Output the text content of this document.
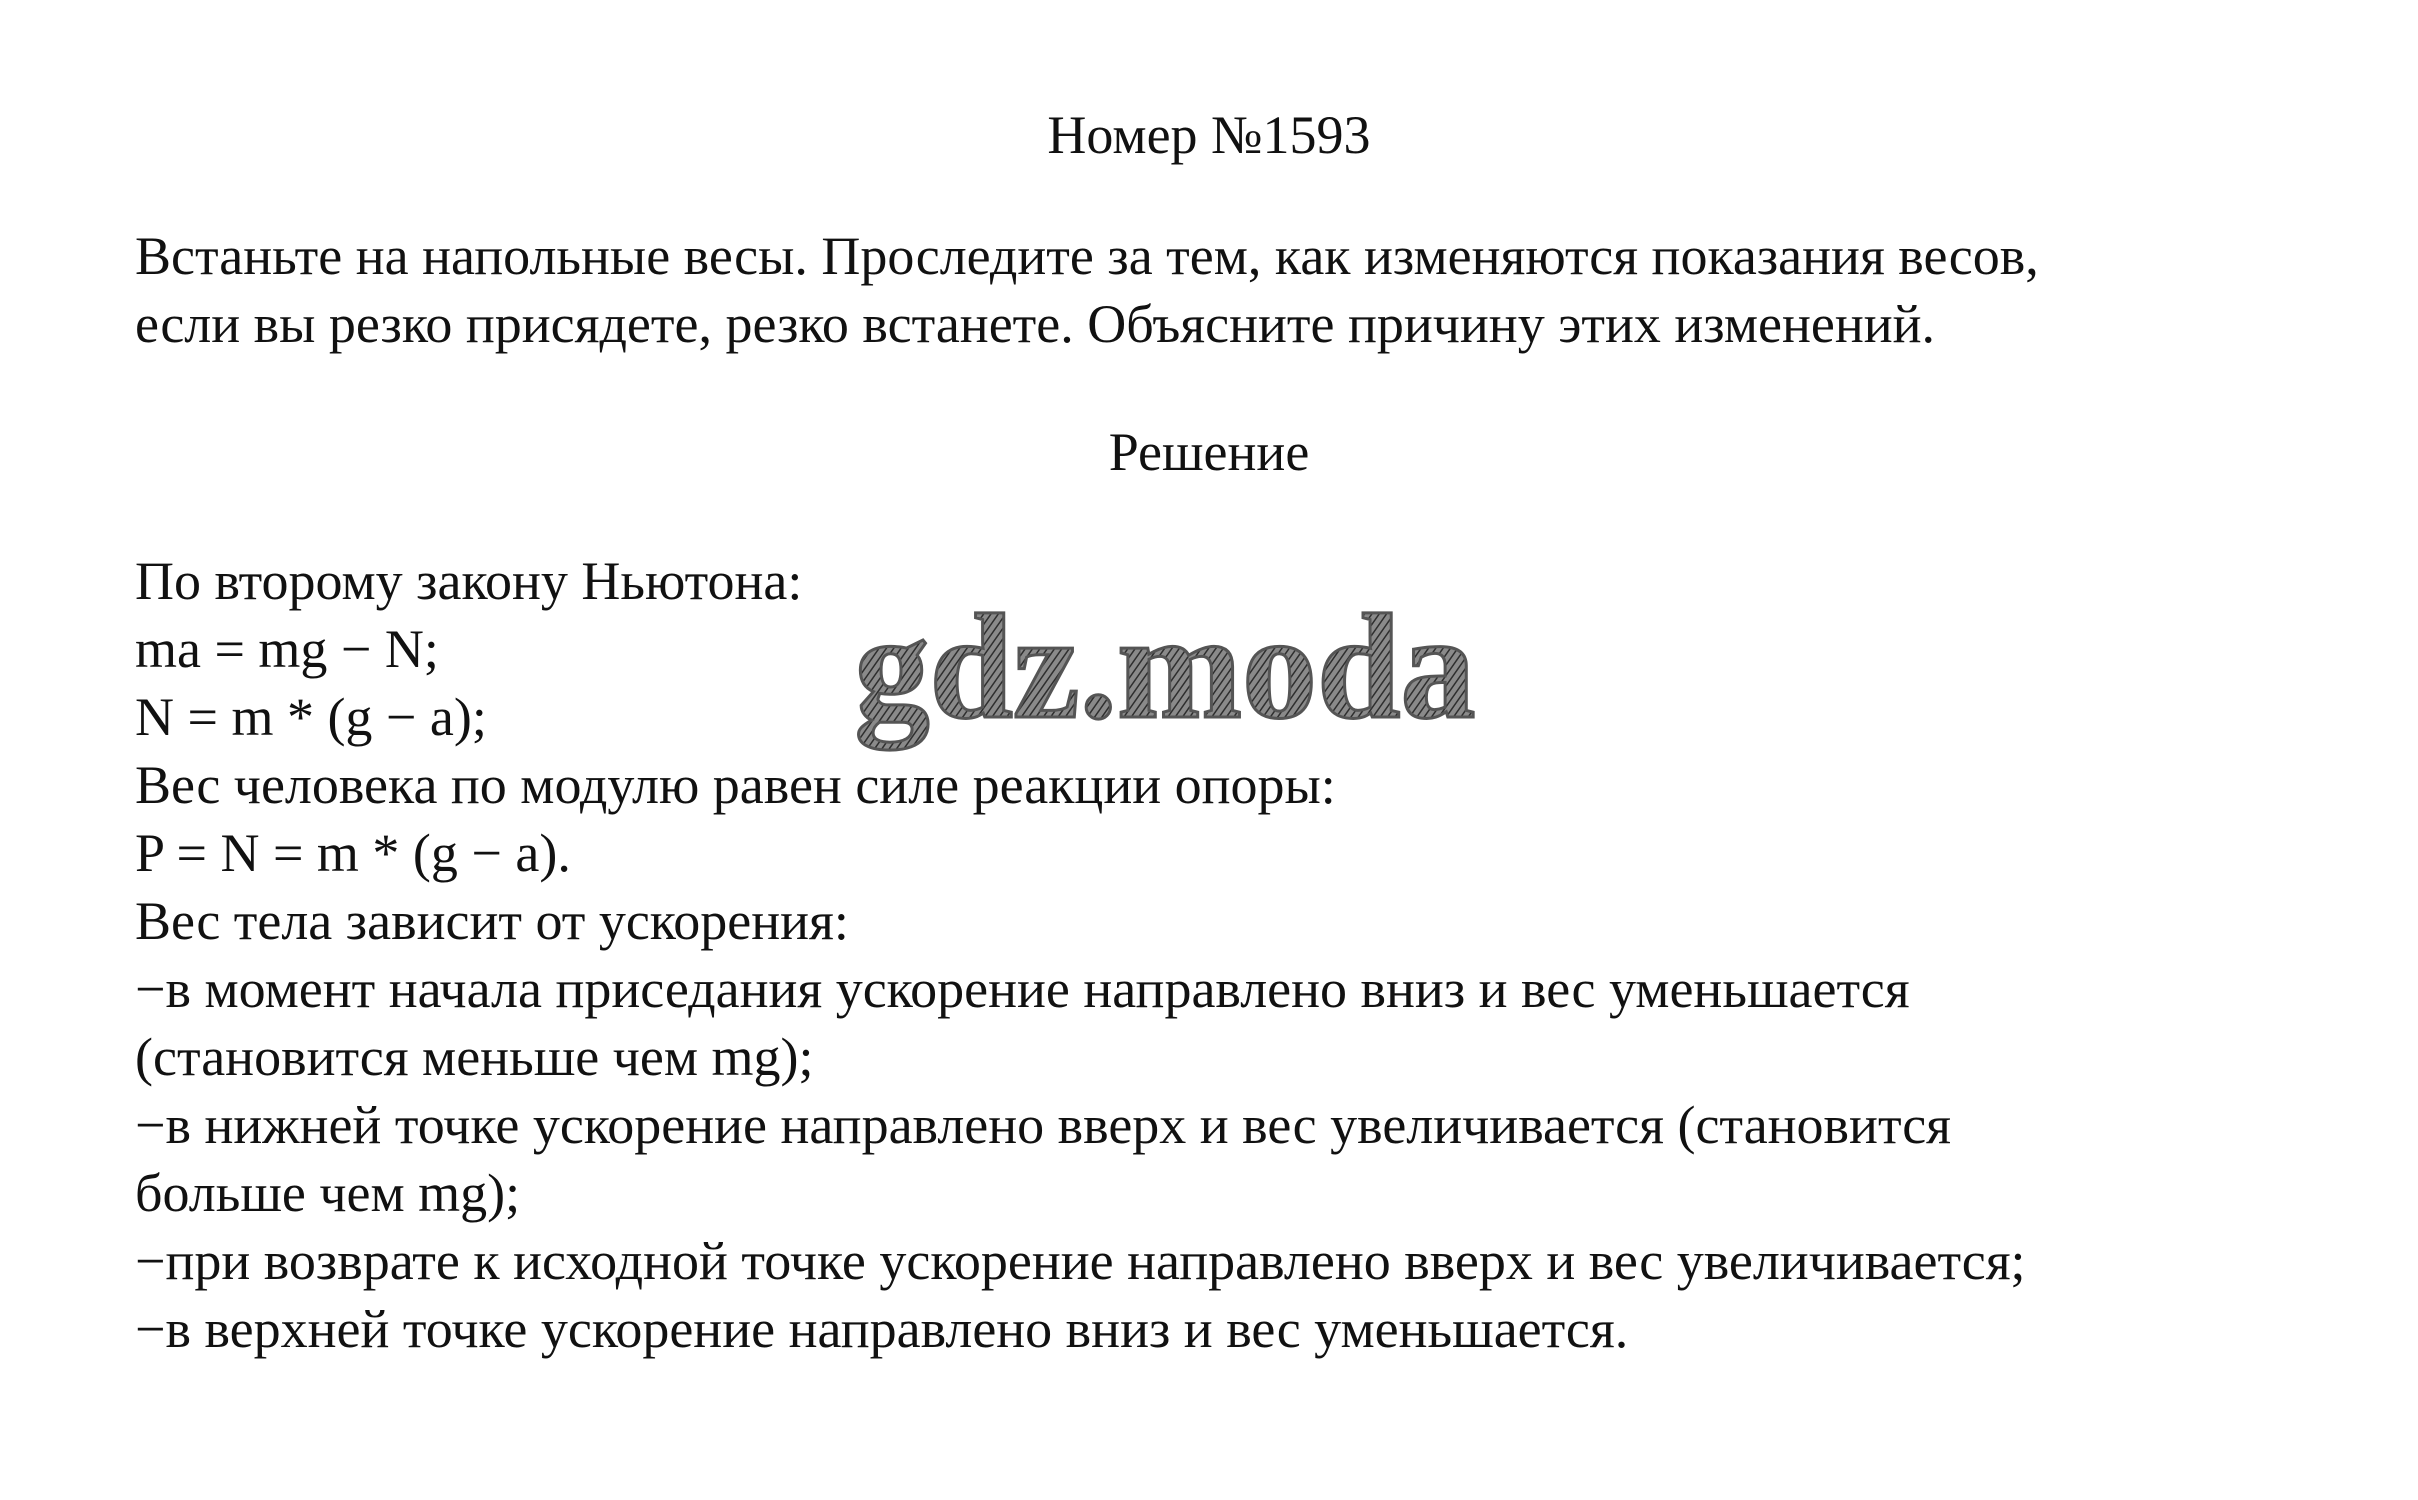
Номер №1593
Встаньте на напольные весы. Проследите за тем, как изменяются показания весов,
если вы резко присядете, резко встанете. Объясните причину этих изменений.
Решение
По второму закону Ньютона:
ma = mg − N;
N = m * (g − a);
Вес человека по модулю равен силе реакции опоры:
P = N = m * (g − a).
Вес тела зависит от ускорения:
−в момент начала приседания ускорение направлено вниз и вес уменьшается
(становится меньше чем mg);
−в нижней точке ускорение направлено вверх и вес увеличивается (становится
больше чем mg);
−при возврате к исходной точке ускорение направлено вверх и вес увеличивается;
−в верхней точке ускорение направлено вниз и вес уменьшается.
gdz.moda
